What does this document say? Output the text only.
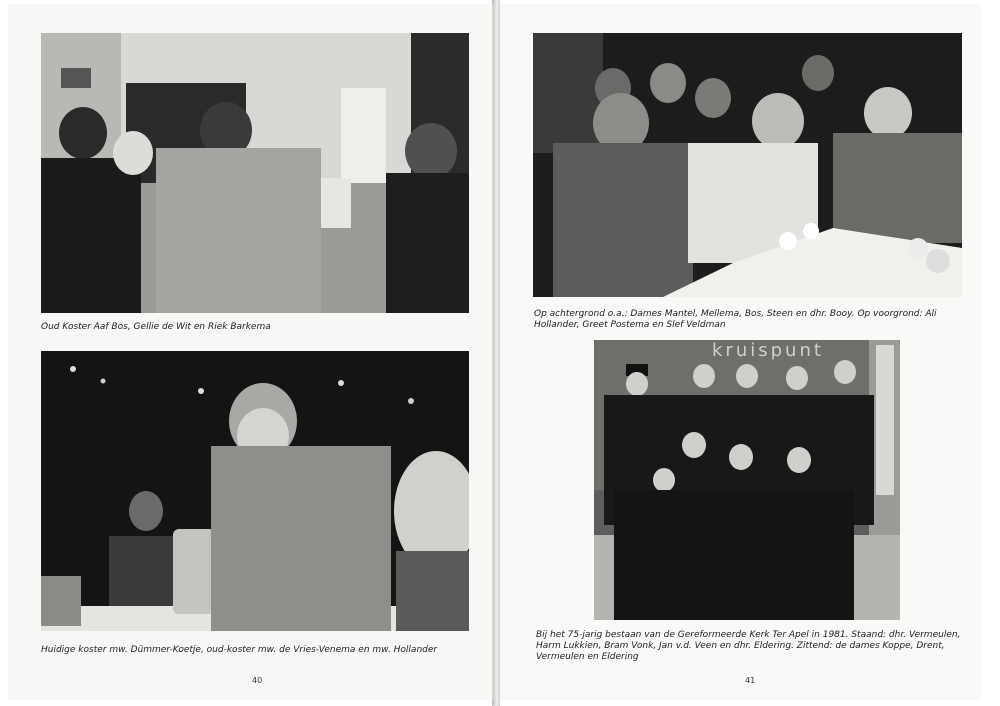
Oud Koster Aaf Bos, Gellie de Wit en Riek Barkema
Huidige koster mw. Dümmer-Koetje, oud-koster mw. de Vries-Venema en mw. Hollander
40
Op achtergrond o.a.: Dames Mantel, Mellema, Bos, Steen en dhr. Booy. Op voorgrond: Ali Hollander, Greet Postema en Slef Veldman
kruispunt
Bij het 75-jarig bestaan van de Gereformeerde Kerk Ter Apel in 1981. Staand: dhr. Vermeulen, Harm Lukkien, Bram Vonk, Jan v.d. Veen en dhr. Eldering. Zittend: de dames Koppe, Drent, Vermeulen en Eldering
41
